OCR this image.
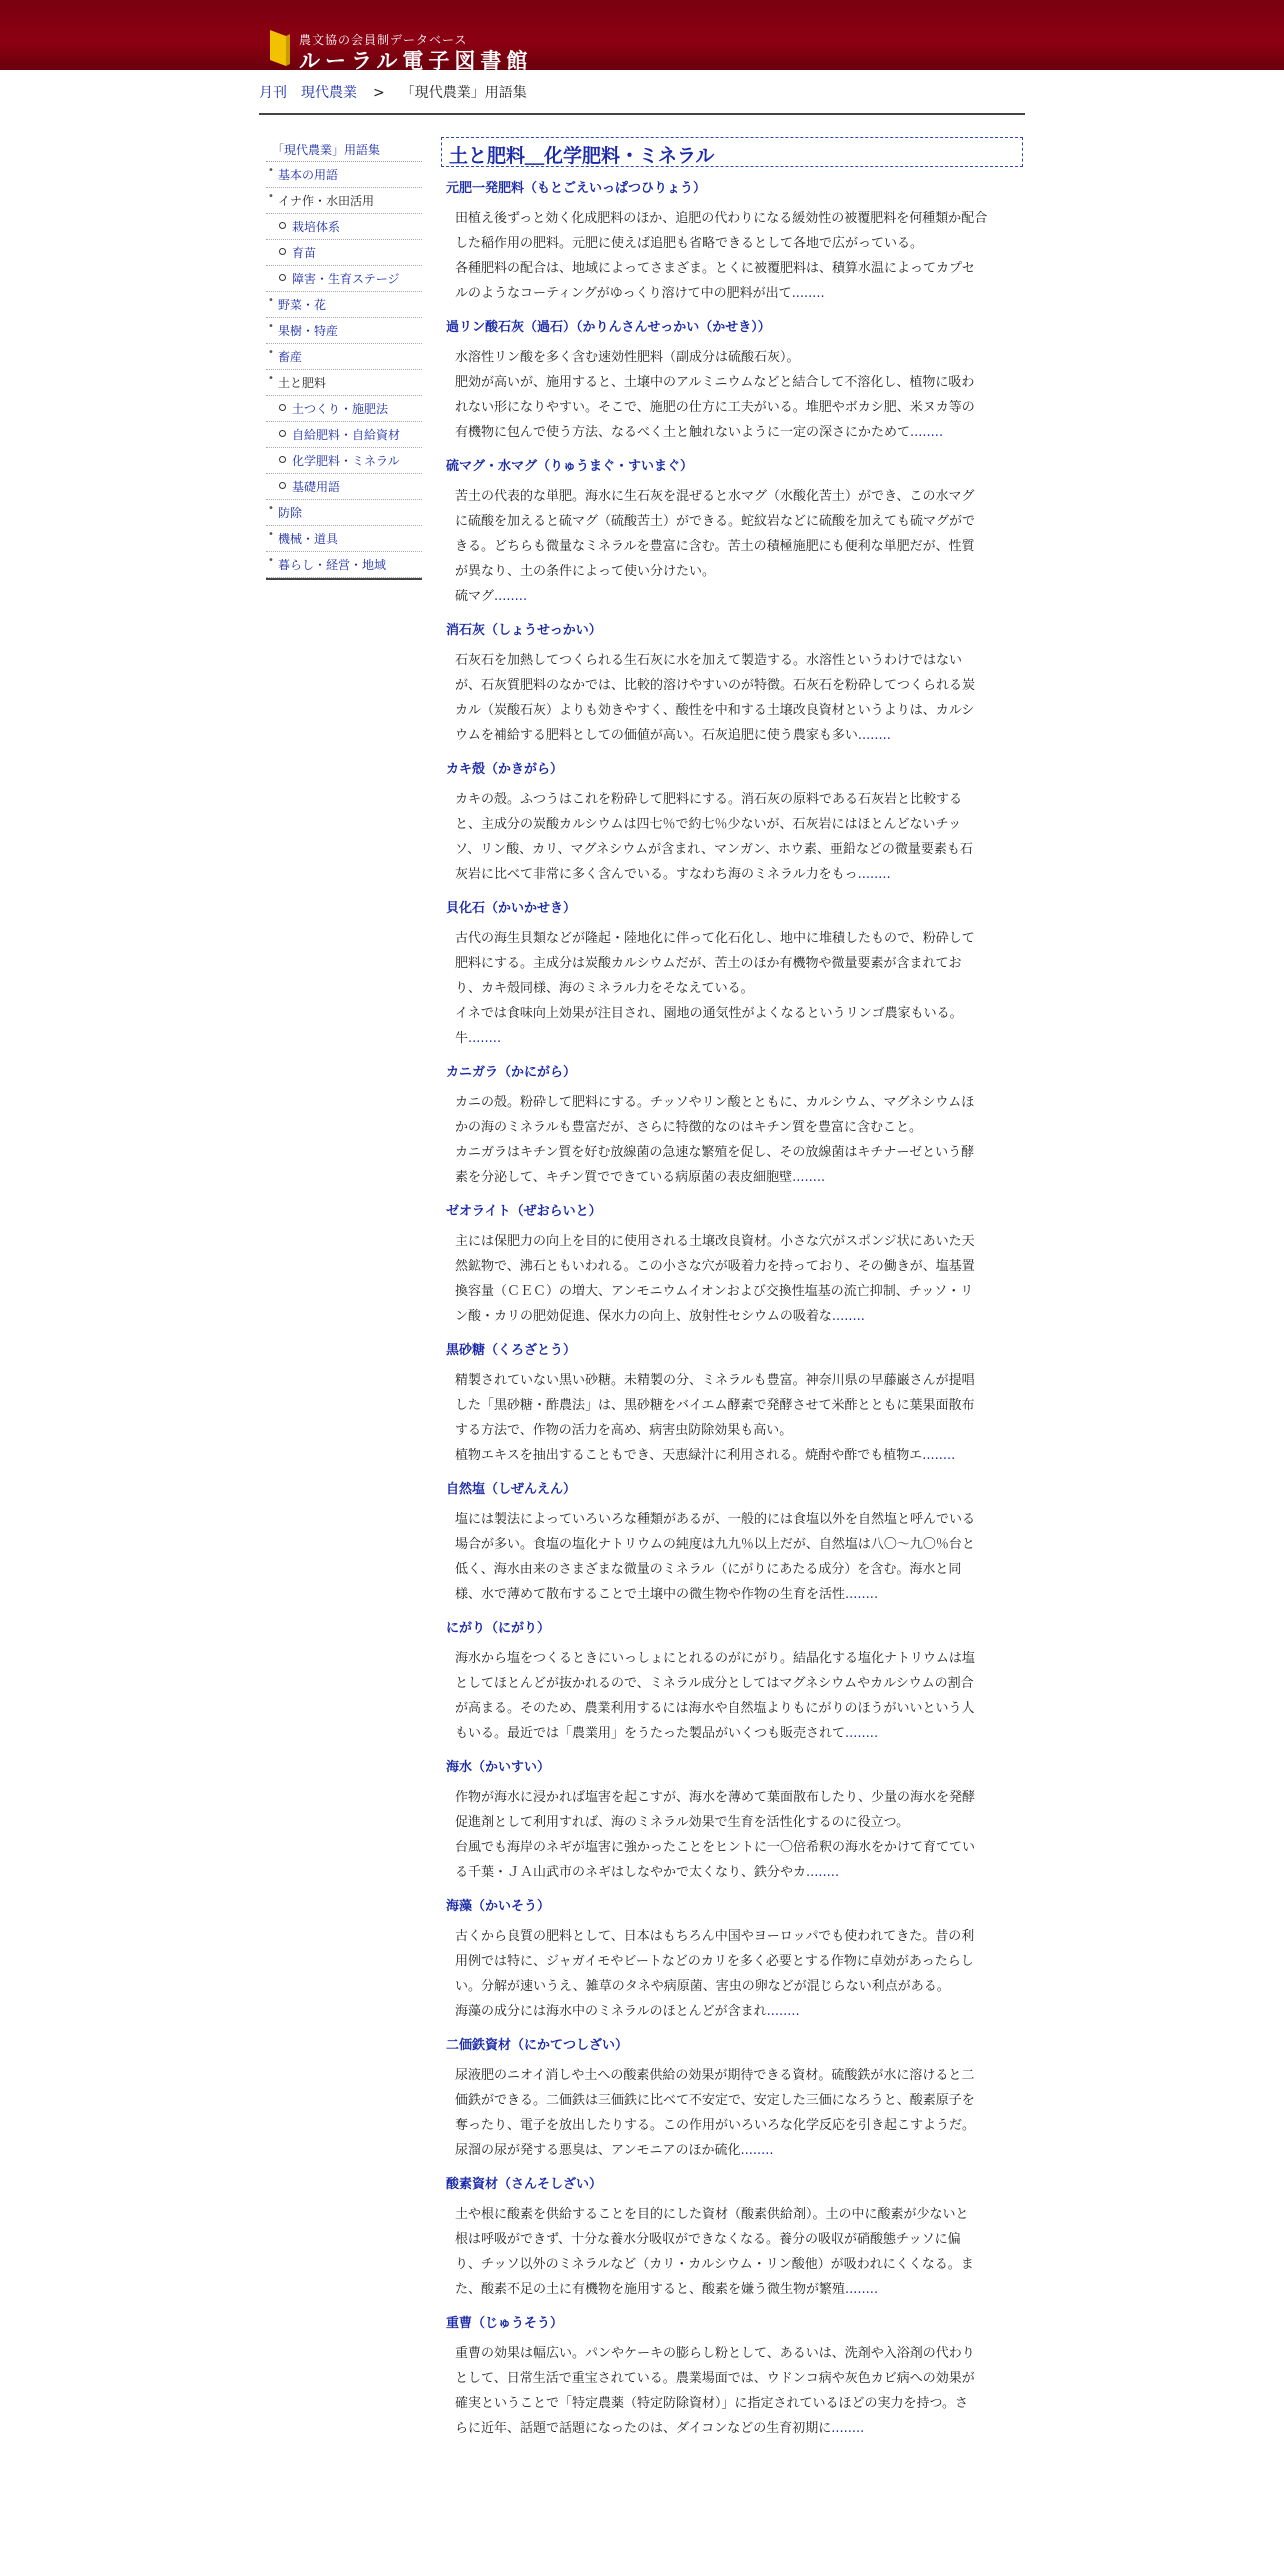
農文協の会員制データベース
ルーラル電子図書館
月刊　現代農業 > 「現代農業」用語集
「現代農業」用語集
• 基本の用語
• イナ作・水田活用
栽培体系
育苗
障害・生育ステージ
• 野菜・花
• 果樹・特産
• 畜産
• 土と肥料
土つくり・施肥法
自給肥料・自給資材
化学肥料・ミネラル
基礎用語
• 防除
• 機械・道具
• 暮らし・経営・地域
土と肥料＿化学肥料・ミネラル
元肥一発肥料（もとごえいっぱつひりょう）
田植え後ずっと効く化成肥料のほか、追肥の代わりになる緩効性の被覆肥料を何種類か配合
した稲作用の肥料。元肥に使えば追肥も省略できるとして各地で広がっている。
各種肥料の配合は、地域によってさまざま。とくに被覆肥料は、積算水温によってカプセ
ルのようなコーティングがゆっくり溶けて中の肥料が出て........
過リン酸石灰（過石）（かりんさんせっかい（かせき））
水溶性リン酸を多く含む速効性肥料（副成分は硫酸石灰）。
肥効が高いが、施用すると、土壌中のアルミニウムなどと結合して不溶化し、植物に吸わ
れない形になりやすい。そこで、施肥の仕方に工夫がいる。堆肥やボカシ肥、米ヌカ等の
有機物に包んで使う方法、なるべく土と触れないように一定の深さにかためて........
硫マグ・水マグ（りゅうまぐ・すいまぐ）
苦土の代表的な単肥。海水に生石灰を混ぜると水マグ（水酸化苦土）ができ、この水マグ
に硫酸を加えると硫マグ（硫酸苦土）ができる。蛇紋岩などに硫酸を加えても硫マグがで
きる。どちらも微量なミネラルを豊富に含む。苦土の積極施肥にも便利な単肥だが、性質
が異なり、土の条件によって使い分けたい。
硫マグ........
消石灰（しょうせっかい）
石灰石を加熱してつくられる生石灰に水を加えて製造する。水溶性というわけではない
が、石灰質肥料のなかでは、比較的溶けやすいのが特徴。石灰石を粉砕してつくられる炭
カル（炭酸石灰）よりも効きやすく、酸性を中和する土壌改良資材というよりは、カルシ
ウムを補給する肥料としての価値が高い。石灰追肥に使う農家も多い........
カキ殻（かきがら）
カキの殻。ふつうはこれを粉砕して肥料にする。消石灰の原料である石灰岩と比較する
と、主成分の炭酸カルシウムは四七％で約七％少ないが、石灰岩にはほとんどないチッ
ソ、リン酸、カリ、マグネシウムが含まれ、マンガン、ホウ素、亜鉛などの微量要素も石
灰岩に比べて非常に多く含んでいる。すなわち海のミネラル力をもっ........
貝化石（かいかせき）
古代の海生貝類などが隆起・陸地化に伴って化石化し、地中に堆積したもので、粉砕して
肥料にする。主成分は炭酸カルシウムだが、苦土のほか有機物や微量要素が含まれてお
り、カキ殻同様、海のミネラル力をそなえている。
イネでは食味向上効果が注目され、園地の通気性がよくなるというリンゴ農家もいる。
牛........
カニガラ（かにがら）
カニの殻。粉砕して肥料にする。チッソやリン酸とともに、カルシウム、マグネシウムほ
かの海のミネラルも豊富だが、さらに特徴的なのはキチン質を豊富に含むこと。
カニガラはキチン質を好む放線菌の急速な繁殖を促し、その放線菌はキチナーゼという酵
素を分泌して、キチン質でできている病原菌の表皮細胞壁........
ゼオライト（ぜおらいと）
主には保肥力の向上を目的に使用される土壌改良資材。小さな穴がスポンジ状にあいた天
然鉱物で、沸石ともいわれる。この小さな穴が吸着力を持っており、その働きが、塩基置
換容量（ＣＥＣ）の増大、アンモニウムイオンおよび交換性塩基の流亡抑制、チッソ・リ
ン酸・カリの肥効促進、保水力の向上、放射性セシウムの吸着な........
黒砂糖（くろざとう）
精製されていない黒い砂糖。未精製の分、ミネラルも豊富。神奈川県の早藤巌さんが提唱
した「黒砂糖・酢農法」は、黒砂糖をバイエム酵素で発酵させて米酢とともに葉果面散布
する方法で、作物の活力を高め、病害虫防除効果も高い。
植物エキスを抽出することもでき、天恵緑汁に利用される。焼酎や酢でも植物エ........
自然塩（しぜんえん）
塩には製法によっていろいろな種類があるが、一般的には食塩以外を自然塩と呼んでいる
場合が多い。食塩の塩化ナトリウムの純度は九九％以上だが、自然塩は八〇～九〇％台と
低く、海水由来のさまざまな微量のミネラル（にがりにあたる成分）を含む。海水と同
様、水で薄めて散布することで土壌中の微生物や作物の生育を活性........
にがり（にがり）
海水から塩をつくるときにいっしょにとれるのがにがり。結晶化する塩化ナトリウムは塩
としてほとんどが抜かれるので、ミネラル成分としてはマグネシウムやカルシウムの割合
が高まる。そのため、農業利用するには海水や自然塩よりもにがりのほうがいいという人
もいる。最近では「農業用」をうたった製品がいくつも販売されて........
海水（かいすい）
作物が海水に浸かれば塩害を起こすが、海水を薄めて葉面散布したり、少量の海水を発酵
促進剤として利用すれば、海のミネラル効果で生育を活性化するのに役立つ。
台風でも海岸のネギが塩害に強かったことをヒントに一〇倍希釈の海水をかけて育ててい
る千葉・ＪＡ山武市のネギはしなやかで太くなり、鉄分やカ........
海藻（かいそう）
古くから良質の肥料として、日本はもちろん中国やヨーロッパでも使われてきた。昔の利
用例では特に、ジャガイモやビートなどのカリを多く必要とする作物に卓効があったらし
い。分解が速いうえ、雑草のタネや病原菌、害虫の卵などが混じらない利点がある。
海藻の成分には海水中のミネラルのほとんどが含まれ........
二価鉄資材（にかてつしざい）
尿液肥のニオイ消しや土への酸素供給の効果が期待できる資材。硫酸鉄が水に溶けると二
価鉄ができる。二価鉄は三価鉄に比べて不安定で、安定した三価になろうと、酸素原子を
奪ったり、電子を放出したりする。この作用がいろいろな化学反応を引き起こすようだ。
尿溜の尿が発する悪臭は、アンモニアのほか硫化........
酸素資材（さんそしざい）
土や根に酸素を供給することを目的にした資材（酸素供給剤）。土の中に酸素が少ないと
根は呼吸ができず、十分な養水分吸収ができなくなる。養分の吸収が硝酸態チッソに偏
り、チッソ以外のミネラルなど（カリ・カルシウム・リン酸他）が吸われにくくなる。ま
た、酸素不足の土に有機物を施用すると、酸素を嫌う微生物が繁殖........
重曹（じゅうそう）
重曹の効果は幅広い。パンやケーキの膨らし粉として、あるいは、洗剤や入浴剤の代わり
として、日常生活で重宝されている。農業場面では、ウドンコ病や灰色カビ病への効果が
確実ということで「特定農薬（特定防除資材）」に指定されているほどの実力を持つ。さ
らに近年、話題で話題になったのは、ダイコンなどの生育初期に........
